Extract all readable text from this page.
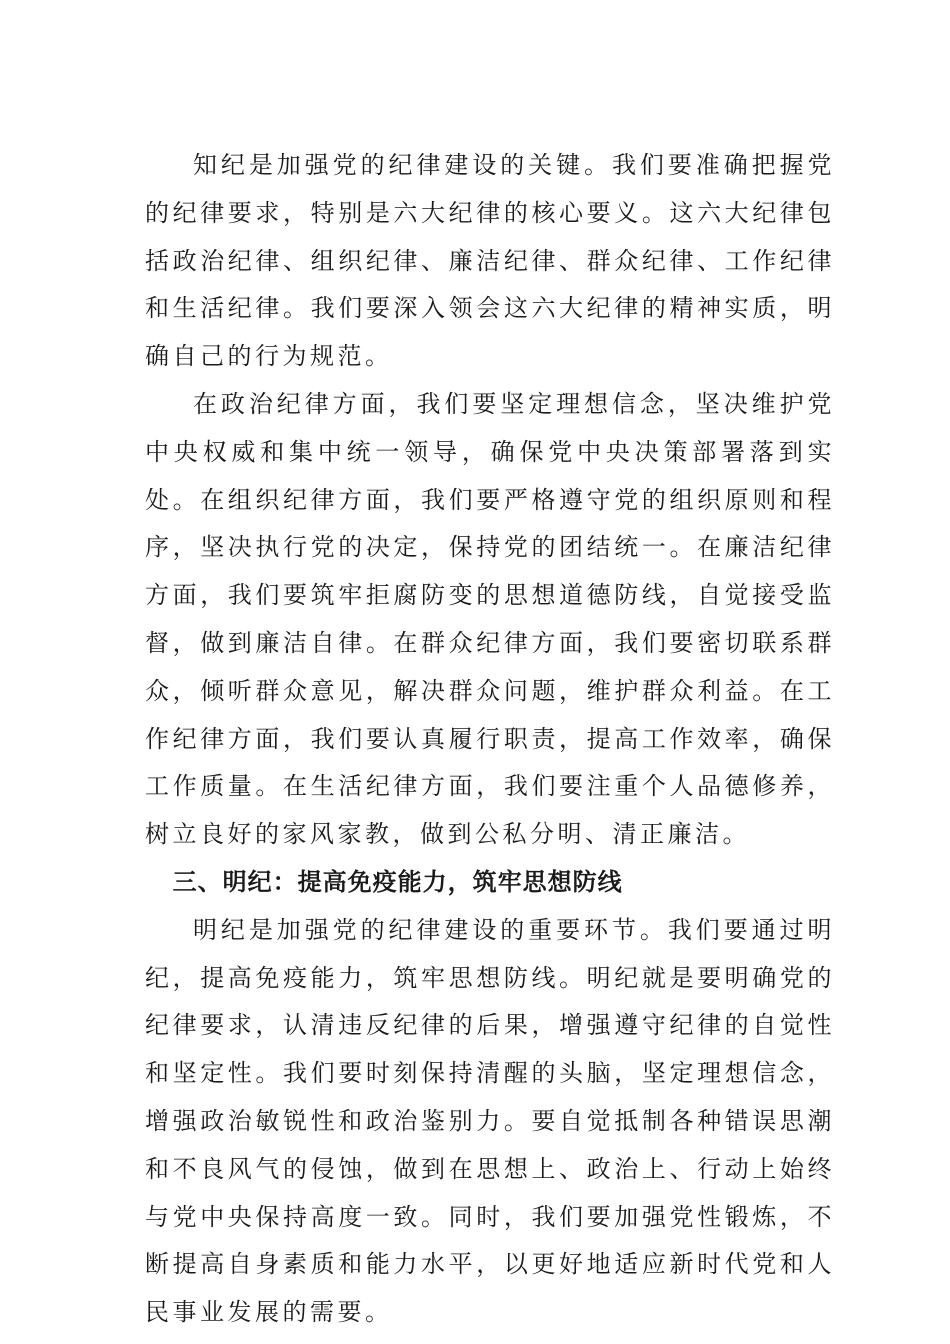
知纪是加强党的纪律建设的关键。我们要准确把握党的纪律要求，特别是六大纪律的核心要义。这六大纪律包括政治纪律、组织纪律、廉洁纪律、群众纪律、工作纪律和生活纪律。我们要深入领会这六大纪律的精神实质，明确自己的行为规范。

在政治纪律方面，我们要坚定理想信念，坚决维护党中央权威和集中统一领导，确保党中央决策部署落到实处。在组织纪律方面，我们要严格遵守党的组织原则和程序，坚决执行党的决定，保持党的团结统一。在廉洁纪律方面，我们要筑牢拒腐防变的思想道德防线，自觉接受监督，做到廉洁自律。在群众纪律方面，我们要密切联系群众，倾听群众意见，解决群众问题，维护群众利益。在工作纪律方面，我们要认真履行职责，提高工作效率，确保工作质量。在生活纪律方面，我们要注重个人品德修养，树立良好的家风家教，做到公私分明、清正廉洁。

三、明纪：提高免疫能力，筑牢思想防线

明纪是加强党的纪律建设的重要环节。我们要通过明纪，提高免疫能力，筑牢思想防线。明纪就是要明确党的纪律要求，认清违反纪律的后果，增强遵守纪律的自觉性和坚定性。我们要时刻保持清醒的头脑，坚定理想信念，增强政治敏锐性和政治鉴别力。要自觉抵制各种错误思潮和不良风气的侵蚀，做到在思想上、政治上、行动上始终与党中央保持高度一致。同时，我们要加强党性锻炼，不断提高自身素质和能力水平，以更好地适应新时代党和人民事业发展的需要。
